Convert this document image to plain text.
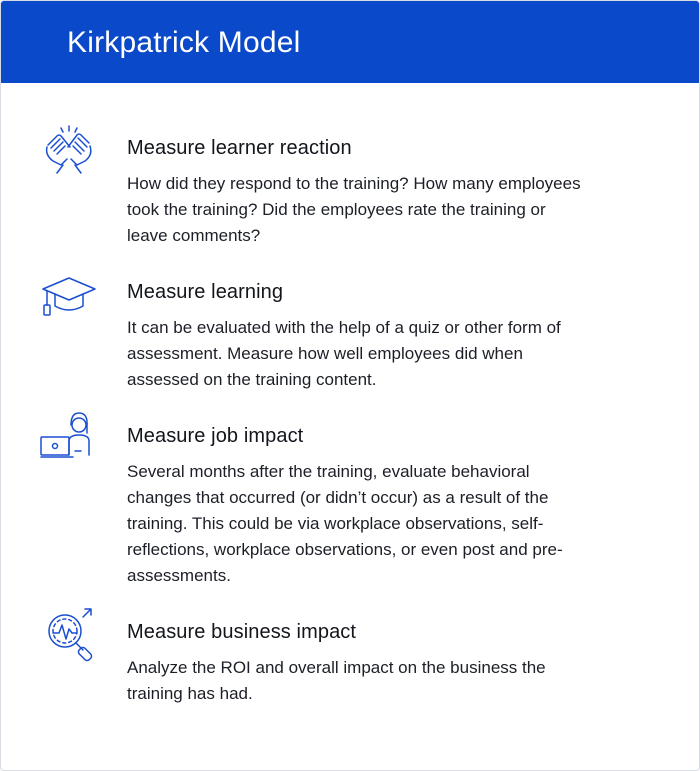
Kirkpatrick Model
Measure learner reaction
How did they respond to the training? How many employees took the training? Did the employees rate the training or leave comments?
Measure learning
It can be evaluated with the help of a quiz or other form of assessment. Measure how well employees did when assessed on the training content.
Measure job impact
Several months after the training, evaluate behavioral changes that occurred (or didn’t occur) as a result of the training. This could be via workplace observations, self-reflections, workplace observations, or even post and pre-assessments.
Measure business impact
Analyze the ROI and overall impact on the business the training has had.
